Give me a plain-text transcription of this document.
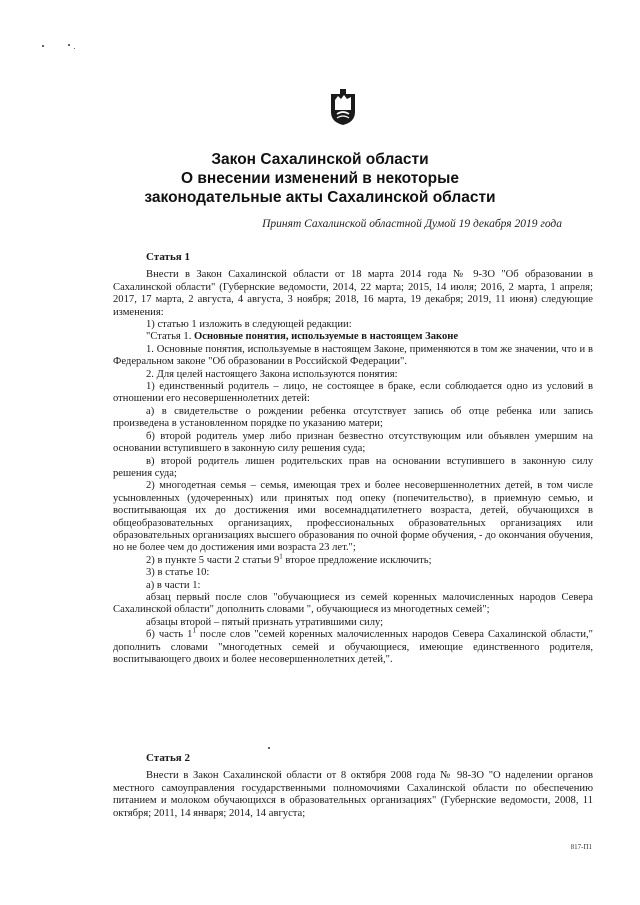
Закон Сахалинской области
О внесении изменений в некоторые
законодательные акты Сахалинской области
Принят Сахалинской областной Думой 19 декабря 2019 года
Статья 1

Внести в Закон Сахалинской области от 18 марта 2014 года № 9-ЗО "Об образовании в Сахалинской области" (Губернские ведомости, 2014, 22 марта; 2015, 14 июля; 2016, 2 марта, 1 апреля; 2017, 17 марта, 2 августа, 4 августа, 3 ноября; 2018, 16 марта, 19 декабря; 2019, 11 июня) следующие изменения:

1) статью 1 изложить в следующей редакции:

"Статья 1. Основные понятия, используемые в настоящем Законе

1. Основные понятия, используемые в настоящем Законе, применяются в том же значении, что и в Федеральном законе "Об образовании в Российской Федерации".

2. Для целей настоящего Закона используются понятия:

1) единственный родитель – лицо, не состоящее в браке, если соблюдается одно из условий в отношении его несовершеннолетних детей:

а) в свидетельстве о рождении ребенка отсутствует запись об отце ребенка или запись произведена в установленном порядке по указанию матери;

б) второй родитель умер либо признан безвестно отсутствующим или объявлен умершим на основании вступившего в законную силу решения суда;

в) второй родитель лишен родительских прав на основании вступившего в законную силу решения суда;

2) многодетная семья – семья, имеющая трех и более несовершеннолетних детей, в том числе усыновленных (удочеренных) или принятых под опеку (попечительство), в приемную семью, и воспитывающая их до достижения ими восемнадцатилетнего возраста, детей, обучающихся в общеобразовательных организациях, профессиональных образовательных организациях или образовательных организациях высшего образования по очной форме обучения, - до окончания обучения, но не более чем до достижения ими возраста 23 лет.";

2) в пункте 5 части 2 статьи $9^1$ второе предложение исключить;

3) в статье 10:

а) в части 1:

абзац первый после слов "обучающиеся из семей коренных малочисленных народов Севера Сахалинской области" дополнить словами ", обучающиеся из многодетных семей";

абзацы второй – пятый признать утратившими силу;

б) часть $1^1$ после слов "семей коренных малочисленных народов Севера Сахалинской области," дополнить словами "многодетных семей и обучающиеся, имеющие единственного родителя, воспитывающего двоих и более несовершеннолетних детей,".

Статья 2

Внести в Закон Сахалинской области от 8 октября 2008 года № 98-ЗО "О наделении органов местного самоуправления государственными полномочиями Сахалинской области по обеспечению питанием и молоком обучающихся в образовательных организациях" (Губернские ведомости, 2008, 11 октября; 2011, 14 января; 2014, 14 августа;

817-П1
